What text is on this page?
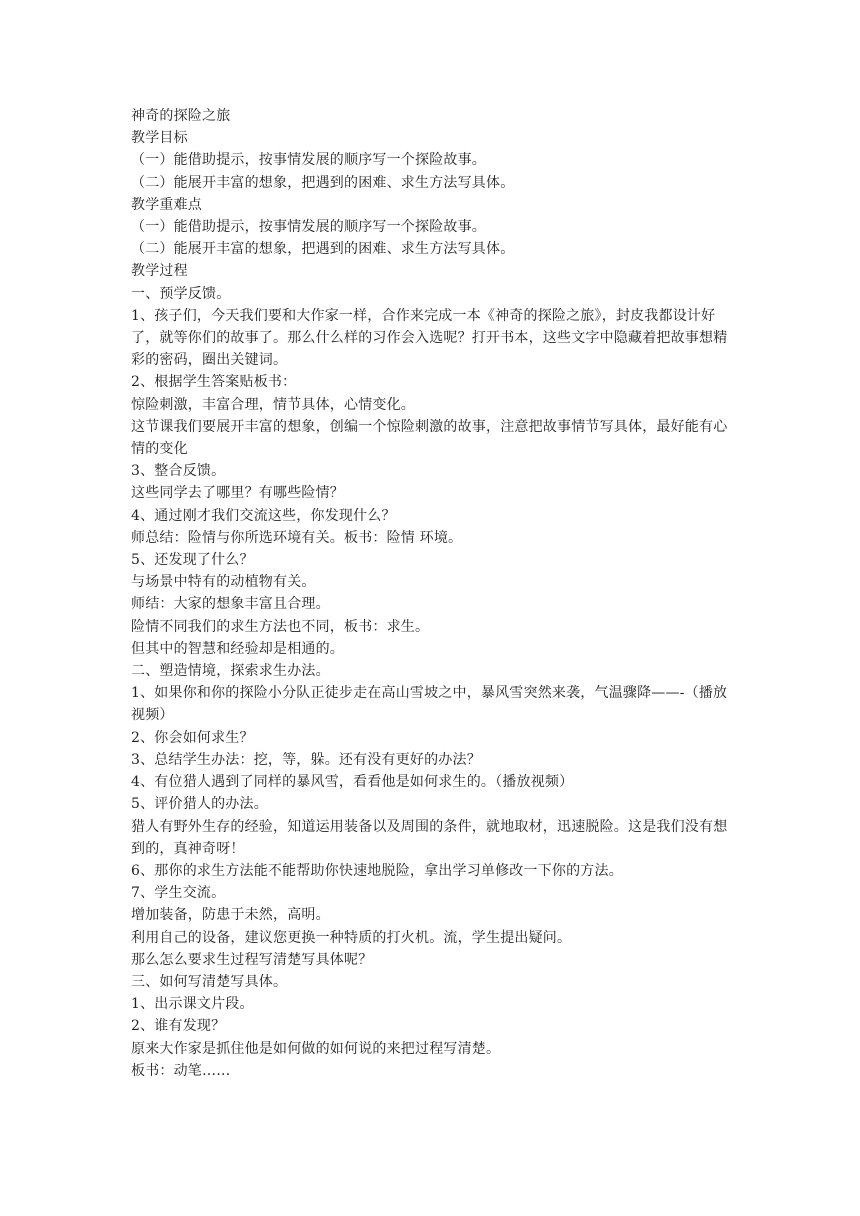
神奇的探险之旅

教学目标

（一）能借助提示，按事情发展的顺序写一个探险故事。

（二）能展开丰富的想象，把遇到的困难、求生方法写具体。

教学重难点

（一）能借助提示，按事情发展的顺序写一个探险故事。

（二）能展开丰富的想象，把遇到的困难、求生方法写具体。

教学过程

一、预学反馈。

1、孩子们，今天我们要和大作家一样，合作来完成一本《神奇的探险之旅》，封皮我都设计好了，就等你们的故事了。那么什么样的习作会入选呢？打开书本，这些文字中隐藏着把故事想精彩的密码，圈出关键词。

2、根据学生答案贴板书：

惊险刺激，丰富合理，情节具体，心情变化。

这节课我们要展开丰富的想象，创编一个惊险刺激的故事，注意把故事情节写具体，最好能有心情的变化

3、整合反馈。

这些同学去了哪里？有哪些险情？

4、通过刚才我们交流这些，你发现什么？

师总结：险情与你所选环境有关。板书：险情 环境。

5、还发现了什么？

与场景中特有的动植物有关。

师结：大家的想象丰富且合理。

险情不同我们的求生方法也不同，板书：求生。

但其中的智慧和经验却是相通的。

二、塑造情境，探索求生办法。

1、如果你和你的探险小分队正徒步走在高山雪坡之中，暴风雪突然来袭，气温骤降——-（播放视频）

2、你会如何求生？

3、总结学生办法：挖，等，躲。还有没有更好的办法？

4、有位猎人遇到了同样的暴风雪，看看他是如何求生的。（播放视频）

5、评价猎人的办法。

猎人有野外生存的经验，知道运用装备以及周围的条件，就地取材，迅速脱险。这是我们没有想到的，真神奇呀！

6、那你的求生方法能不能帮助你快速地脱险，拿出学习单修改一下你的方法。

7、学生交流。

增加装备，防患于未然，高明。

利用自己的设备，建议您更换一种特质的打火机。流，学生提出疑问。

那么怎么要求生过程写清楚写具体呢？

三、如何写清楚写具体。

1、出示课文片段。

2、谁有发现？

原来大作家是抓住他是如何做的如何说的来把过程写清楚。

板书：动笔……
